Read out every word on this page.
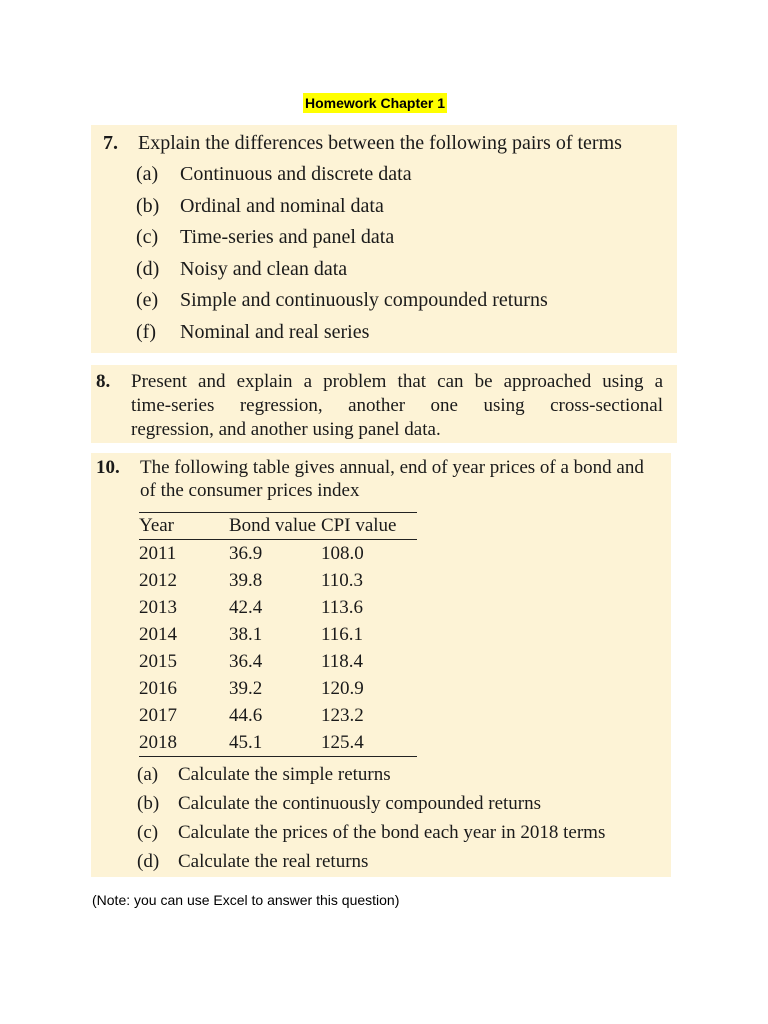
Homework Chapter 1
7. Explain the differences between the following pairs of terms
(a) Continuous and discrete data
(b) Ordinal and nominal data
(c) Time-series and panel data
(d) Noisy and clean data
(e) Simple and continuously compounded returns
(f) Nominal and real series
8. Present and explain a problem that can be approached using a
time-series regression, another one using cross-sectional
regression, and another using panel data.
10. The following table gives annual, end of year prices of a bond and
of the consumer prices index
Year	Bond value	CPI value
2011	36.9	108.0
2012	39.8	110.3
2013	42.4	113.6
2014	38.1	116.1
2015	36.4	118.4
2016	39.2	120.9
2017	44.6	123.2
2018	45.1	125.4
(a) Calculate the simple returns
(b) Calculate the continuously compounded returns
(c) Calculate the prices of the bond each year in 2018 terms
(d) Calculate the real returns
(Note: you can use Excel to answer this question)
